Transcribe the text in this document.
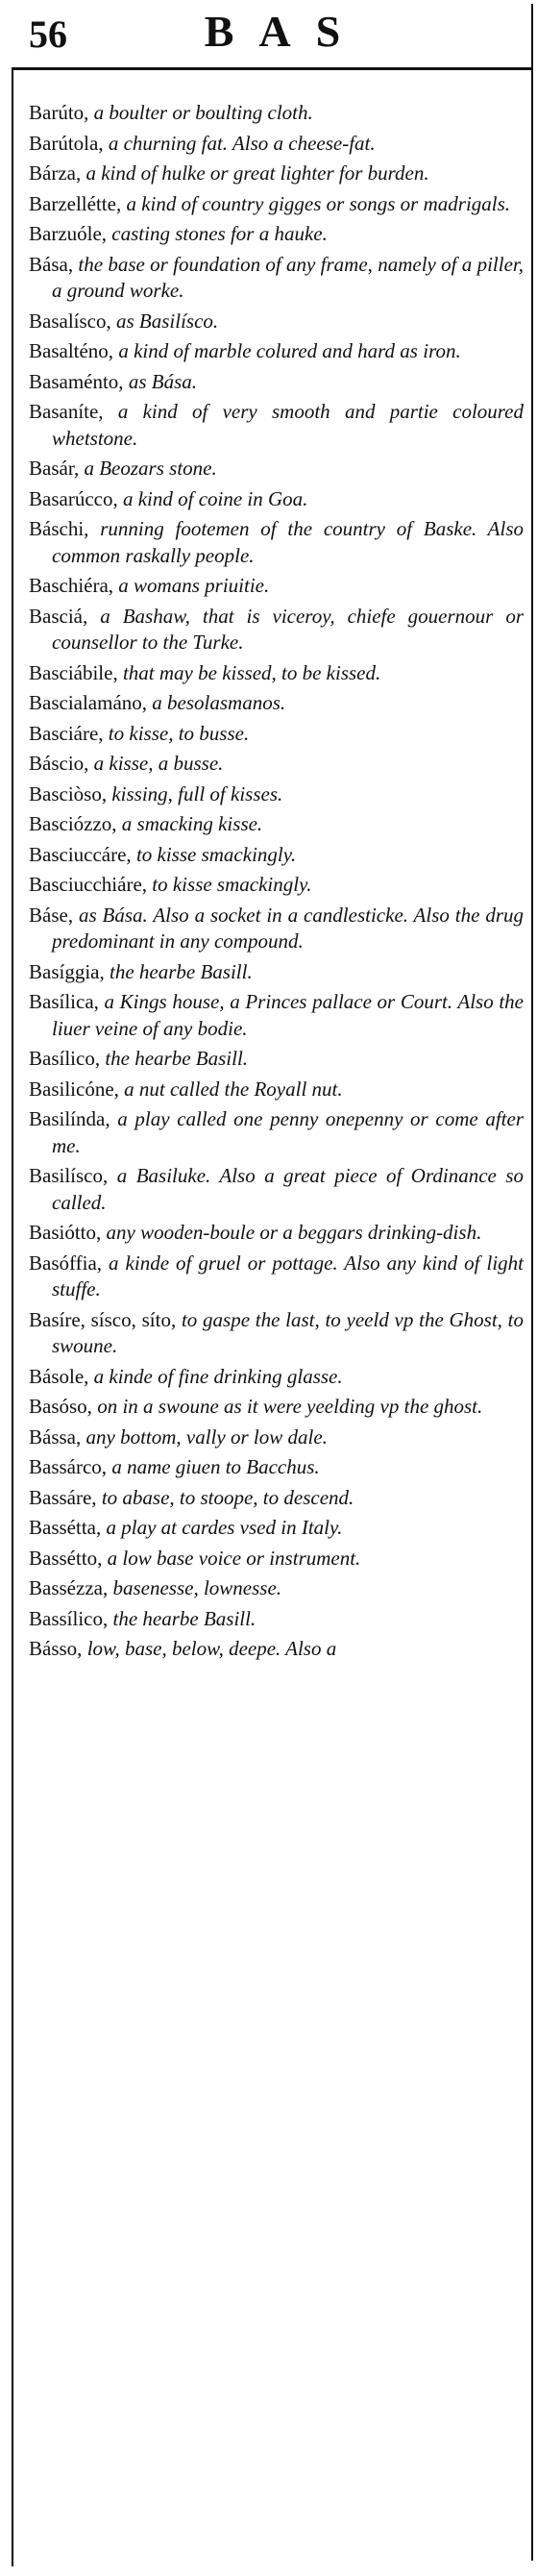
56	BAS

Barúto, a boulter or boulting cloth.

Barútola, a churning fat. Also a cheese-fat.

Bárza, a kind of hulke or great lighter for burden.

Barzellétte, a kind of country gigges or songs or madrigals.

Barzuóle, casting stones for a hauke.

Básа, the base or foundation of any frame, namely of a piller, a ground worke.

Basalísco, as Basilísco.

Basalténo, a kind of marble colured and hard as iron.

Basaménto, as Bása.

Basaníte, a kind of very smooth and partie coloured whetstone.

Basár, a Beozars stone.

Basarúcco, a kind of coine in Goa.

Báschi, running footemen of the country of Baske. Also common raskally people.

Baschiéra, a womans priuitie.

Basciá, a Bashaw, that is viceroy, chiefe gouernour or counsellor to the Turke.

Basciábile, that may be kissed, to be kissed.

Bascialamáno, a besolasmanos.

Basciáre, to kisse, to busse.

Báscio, a kisse, a busse.

Basciòso, kissing, full of kisses.

Basciózzo, a smacking kisse.

Basciuccáre, to kisse smackingly.

Basciucchiáre, to kisse smackingly.

Báse, as Bása. Also a socket in a candlesticke. Also the drug predominant in any compound.

Basíggia, the hearbe Basill.

Basílica, a Kings house, a Princes pallace or Court. Also the liuer veine of any bodie.

Basílico, the hearbe Basill.

Basilicóne, a nut called the Royall nut.

Basilínda, a play called one penny onepenny or come after me.

Basilísco, a Basiluke. Also a great piece of Ordinance so called.

Basiótto, any wooden-boule or a beggars drinking-dish.

Basóffia, a kinde of gruel or pottage. Also any kind of light stuffe.

Basíre, sísco, síto, to gaspe the last, to yeeld vp the Ghost, to swoune.

Básole, a kinde of fine drinking glasse.

Basóso, on in a swoune as it were yeelding vp the ghost.

Bássa, any bottom, vally or low dale.

Bassárco, a name giuen to Bacchus.

Bassáre, to abase, to stoope, to descend.

Bassétta, a play at cardes vsed in Italy.

Bassétto, a low base voice or instrument.

Bassézza, basenesse, lownesse.

Bassílico, the hearbe Basill.

Básso, low, base, below, deepe. Also a
